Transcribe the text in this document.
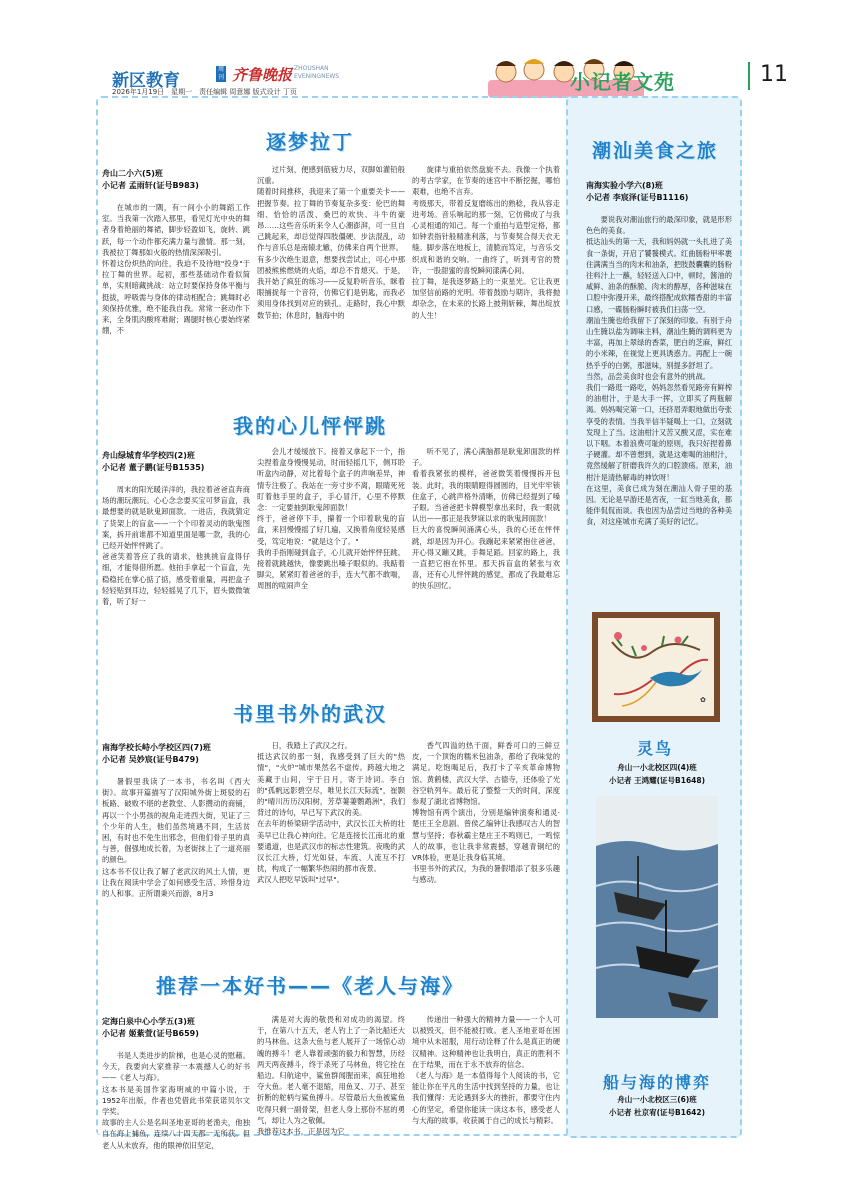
新区教育
周刊 齐鲁晚报 ZHOUSHAN
EVENINGNEWS
2026年1月19日　星期一　责任编辑 周意娜 版式设计 丁页	小记者文苑	11
逐梦拉丁
舟山二小六(5)班
小记者 孟雨轩(证号B983)
在城市的一隅，有一间小小的舞蹈工作室。当我第一次踏入那里，看见灯光中央的舞者身着艳丽的舞裙，脚步轻盈如飞，旋转、跳跃，每一个动作都充满力量与激情。那一刻，我被拉丁舞那如火般的热情深深吸引。
怀着这份炽热的向往，我迫不及待地"投身"于拉丁舞的世界。起初，那些基础动作看似简单，实则暗藏挑战：站立时要保持身体平衡与挺拔，呼吸需与身体的律动相配合；跳舞时必须保持优雅，绝不能我自我。常常一套动作下来，全身肌肉酸疼难耐；踢腿时核心要始终紧绷，不
过片刻，便感到筋疲力尽，双脚如灌铅般沉重。
随着时间推移，我迎来了第一个重要关卡——把握节奏。拉丁舞的节奏复杂多变：伦巴的舞细、恰恰的活泼、桑巴的欢快、斗牛的豪昂……这些音乐听来令人心潮澎湃，可一旦自己跳起来，却总觉得四肢僵硬、步法混乱，动作与音乐总是南辕北辙，仿佛来自两个世界。
有多少次绝生退意，想要找尝试止，可心中那团被熊熊燃烧的火焰，却总不肯熄灭。于是，我开始了疯狂的练习——反复聆听音乐，眯着眼捕捉每一个音符，仿佛它们是钥匙，而我必须用身体找到对应的锁孔。走路时，我心中默数节拍；休息时，脑海中的
旋律与重拍依然盘旋不去。我像一个执着的考古学家，在节奏的迷宫中不断挖掘，哪怕艰难，也绝不言弃。
考级那天，带着反复磨练出的熟稔，我从容走进考场。音乐响起的那一刻，它仿佛成了与我心灵相通的知己。每一个重拍与造型定格，都如钟表指针般精准利落，与节奏契合得天衣无缝。脚步落在地板上，清脆而笃定，与音乐交织成和谐的交响。一曲终了，听到考官的赞许，一股甜蜜的喜悦瞬间漾满心间。
拉丁舞，是我逐梦路上的一束星光。它让我更加坚信前路的光明。带着鼓励与期许，我将抛却杂念，在未来的长路上披荆斩棘，舞出绽放的人生！
我的心儿怦怦跳
舟山绿城育华学校四(2)班
小记者 董子鹏(证号B1535)
周末的阳光暖洋洋的，我拉着爸爸直奔商场的潮玩潮玩。心心念念要买宝可梦盲盒，我最想要的就是耿鬼卸面款。一进店，我就猜定了货架上的盲盒——一个个印着灵动的耿鬼图案，拆开前谁都不知道里面是哪一款，我的心已经开始怦怦跳了。
爸爸笑着答应了我的请求，他挑挑盲盒得仔细，才能得借所愿。他拍手拿起一个盲盒，先稳稳托在掌心掂了掂，感受着重量，再把盒子轻轻贴到耳边，轻轻摇晃了几下，眉头微微皱着，听了好一
会儿才缓缓放下。接着又拿起下一个，指尖捏着盒身慢慢晃动，时而轻摇几下，侧耳聆听盒内动静，对比着每个盒子的声响差异，神情专注极了。我站在一旁寸步不离，眼睛死死盯着他手里的盒子，手心冒汗，心里不停默念：一定要抽到耿鬼卸面款！
终于，爸爸停下手，攥着一个印着耿鬼的盲盒，来回慢慢摇了好几遍，又换着角度轻晃感受，笃定地说："就是这个了。"
我的手指刚碰到盒子，心儿就开始怦怦狂跳。接着就跳越快，像要跳出嗓子眼似的。我踮着脚尖，紧紧盯着爸爸的手，连大气都不敢喘，周围的喧闹声全
听不见了，满心满脑都是耿鬼卸面款的样子。
看着我紧张的模样，爸爸微笑着慢慢拆开包装。此时，我的眼睛瞪得圆圆的，目光牢牢锁住盒子，心跳声格外清晰，仿佛已经提到了嗓子眼。当爸爸把卡牌模型拿出来时，我一眼就认出——那正是我梦寐以求的耿鬼卸面款！
巨大的喜悦瞬间涌满心头，我的心还在怦怦跳，却是因为开心。我蹦起来紧紧抱住爸爸，开心得又蹦又跳，手舞足蹈。回家的路上，我一直把它抱在怀里。那天拆盲盒的紧张与欢喜，还有心儿怦怦跳的感觉，都成了我最难忘的快乐回忆。
书里书外的武汉
南海学校长峙小学校区四(7)班
小记者 吴妙宸(证号B479)
暑假里我读了一本书，书名叫《西大街》。故事开篇描写了汉阳城外街上斑驳的石板路、破败不堪的老教堂、人影攒动的商铺，再以一个小男孩的视角走进西大街，见证了三个少年的人生，他们虽然境遇不同，生活贫困，有时也不免生出邪念，但他们骨子里的真与善，倔强地成长着，为老街抹上了一道亮丽的颜色。
这本书不仅让我了解了老武汉的风土人情，更让我在阅读中学会了如何感受生活、珍惜身边的人和事。正所谓秉兴而游，8月3
日，我踏上了武汉之行。
抵达武汉的那一刻，我感受到了巨大的"热情"，"火炉"城市果然名不虚传。跨越大地之美藏于山间，宇于日月，寄于诗词。李白的"孤帆远影碧空尽，唯见长江天际流"，崔颢的"晴川历历汉阳树，芳草萋萋鹦鹉洲"，我们背过的诗句，早已写下武汉的美。
在去年的桥梁研学活动中，武汉长江大桥的壮美早已让我心神向往。它是连接长江南北的重要通道，也是武汉市的标志性建筑。夜晚的武汉长江大桥，灯光如昼，车流、人流互不打扰，构成了一幅繁华热闹的都市夜景。
武汉人把吃早饭叫"过早"。
香气四溢的热干面，鲜香可口的三鲜豆皮，一个顶饱的糯米包油条，都给了我味觉的满足。吃饱喝足后，我打卡了辛亥革命博物馆、黄鹤楼、武汉大学、古德寺，还体验了光谷空轨列车。最后花了整整一天的时间，深度参观了湖北省博物馆。
博物馆有两个演出，分别是编钟演奏和通灵·楚庄王全息剧。曾侯乙编钟让我感叹古人的智慧与坚持；春秋霸主楚庄王不鸣则已，一鸣惊人的故事，也让我非常震撼，穿越青铜纪的VR体验，更是让我身临其境。
书里书外的武汉，为我的暑假增添了很多乐趣与感动。
推荐一本好书——《老人与海》
定海白泉中心小学五(3)班
小记者 姬紫萱(证号B659)
书是人类进步的阶梯，也是心灵的慰藉。今天，我要向大家推荐一本震撼人心的好书——《老人与海》。
这本书是美国作家海明威的中篇小说，于1952年出版，作者也凭借此书荣获诺贝尔文学奖。
故事的主人公是名叫圣地亚哥的老渔夫，他独自在海上捕鱼，连续八十四天都一无所获。但老人从未放弃，他的眼神依旧坚定，
满是对大海的敬畏和对成功的渴望。终于，在第八十五天，老人钓上了一条比船还大的马林鱼。这条大鱼与老人展开了一场惊心动魄的搏斗！老人靠着顽强的毅力和智慧，历经两天两夜搏斗，终于杀死了马林鱼，将它拴在船边。归航途中，鲨鱼群闻腥而来，疯狂地抢夺大鱼。老人毫不退缩，用鱼叉、刀子、甚至折断的舵柄与鲨鱼搏斗。尽管最后大鱼被鲨鱼吃得只剩一副骨架，但老人身上那份不屈的勇气，却让人为之敬佩。
我推荐这本书，正是因为它
传递出一种强大的精神力量——一个人可以被毁灭，但不能被打败。老人圣地亚哥在困境中从未屈服，用行动诠释了什么是真正的硬汉精神。这种精神也让我明白，真正的胜利不在于结果，而在于永不放弃的信念。
《老人与海》是一本值得每个人阅读的书，它能让你在平凡的生活中找到坚持的力量，也让我们懂得：无论遇到多大的挫折，都要守住内心的坚定，希望你能读一读这本书，感受老人与大海的故事，收获属于自己的成长与精彩。
潮汕美食之旅
南海实验小学六(8)班
小记者 李宸泽(证号B1116)
要说我对潮汕旅行的最深印象，就是形形色色的美食。
抵达汕头的第一天，我和妈妈就一头扎进了美食一条街，开启了饕餮模式。红曲肠粉甲率裹住满满当当的肉末和油条，把肢鼓囊囊的肠粉往料汁上一蘸，轻轻送入口中，顿时，酱油的咸鲜、油条的酥脆、肉末的醇厚，各种滋味在口腔中弥漫开来，最终搭配成软糯香甜的丰富口感，一碟肠粉瞬时被我们扫荡一空。
潮汕生腌也给我留下了深刻的印象。有别于舟山生腌以盐为调味主料，潮汕生腌的调料更为丰富，再加上翠绿的香菜，肥白的芝麻，鲜红的小米辣，在视觉上更具诱惑力。再配上一碗热乎乎的白粥，那滋味，别提多舒坦了。
当然，品尝美食时也会有意外的挑战。
我们一路逛一路吃，妈妈忽然看见路旁有鲜榨的油柑汁，于是大手一挥，立即买了两瓶解渴。妈妈喝完第一口，还挤眉弄眼地做出夸张享受的表情。当我半信半疑喝上一口，立刻就发现上了当。这油柑汁又苦又酸又涩，实在难以下咽。本着浪费可耻的原则，我只好捏着鼻子硬灌。却不曾想到，就是这难喝的油柑汁，竟然缓解了肝磨我许久的口腔溃疡。原来，油柑汁是清热解毒的神饮呀！
在这里，美食已成为刻在潮汕人骨子里的基因。无论是早游还是宵夜，一缸当地美食，都能伴侃侃而谈。我也因为品尝过当地的各种美食，对这座城市充满了美好的记忆。
✿
灵鸟
舟山一小北校区四(4)班
小记者 王鸿耀(证号B1648)
船与海的博弈
舟山一小北校区三(6)班
小记者 杜京宥(证号B1642)
